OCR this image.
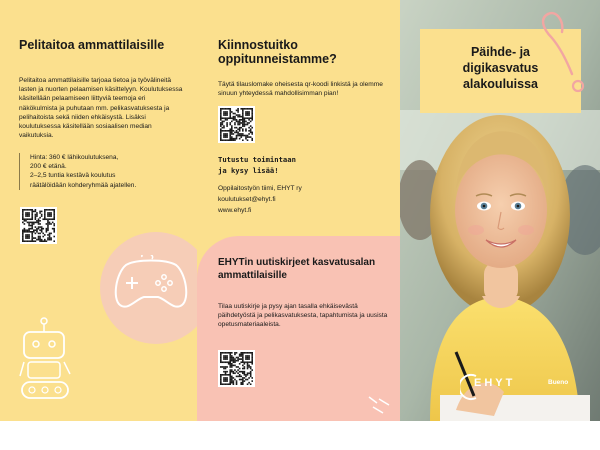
Pelitaitoa ammattilaisille
Pelitaitoa ammattilaisille tarjoaa tietoa ja työvälineitä lasten ja nuorten pelaamisen käsittelyyn. Koulutuksessa käsitellään pelaamiseen liittyviä teemoja eri näkökulmista ja puhutaan mm. pelikasvatuksesta ja pelihaitoista sekä niiden ehkäisystä. Lisäksi koulutuksessa käsitellään sosiaalisen median vaikutuksia.
Hinta: 360 € lähikoulutuksena,
200 € etänä.
2–2,5 tuntia kestävä koulutus
räätälöidään kohderyhmää ajatellen.
Kiinnostuitko oppitunneistamme?
Täytä tilauslomake oheisesta qr-koodi linkistä ja olemme sinuun yhteydessä mahdollisimman pian!
Tutustu toimintaan
ja kysy lisää!
Oppilaitostyön tiimi, EHYT ry
koulutukset@ehyt.fi
www.ehyt.fi
EHYTin uutiskirjeet kasvatusalan ammattilaisille
Tilaa uutiskirje ja pysy ajan tasalla ehkäisevästä päihdetyöstä ja pelikasvatuksesta, tapahtumista ja uusista opetusmateriaaleista.
Päihde- ja
digikasvatus
alakouluissa
EHYT	Bueno
